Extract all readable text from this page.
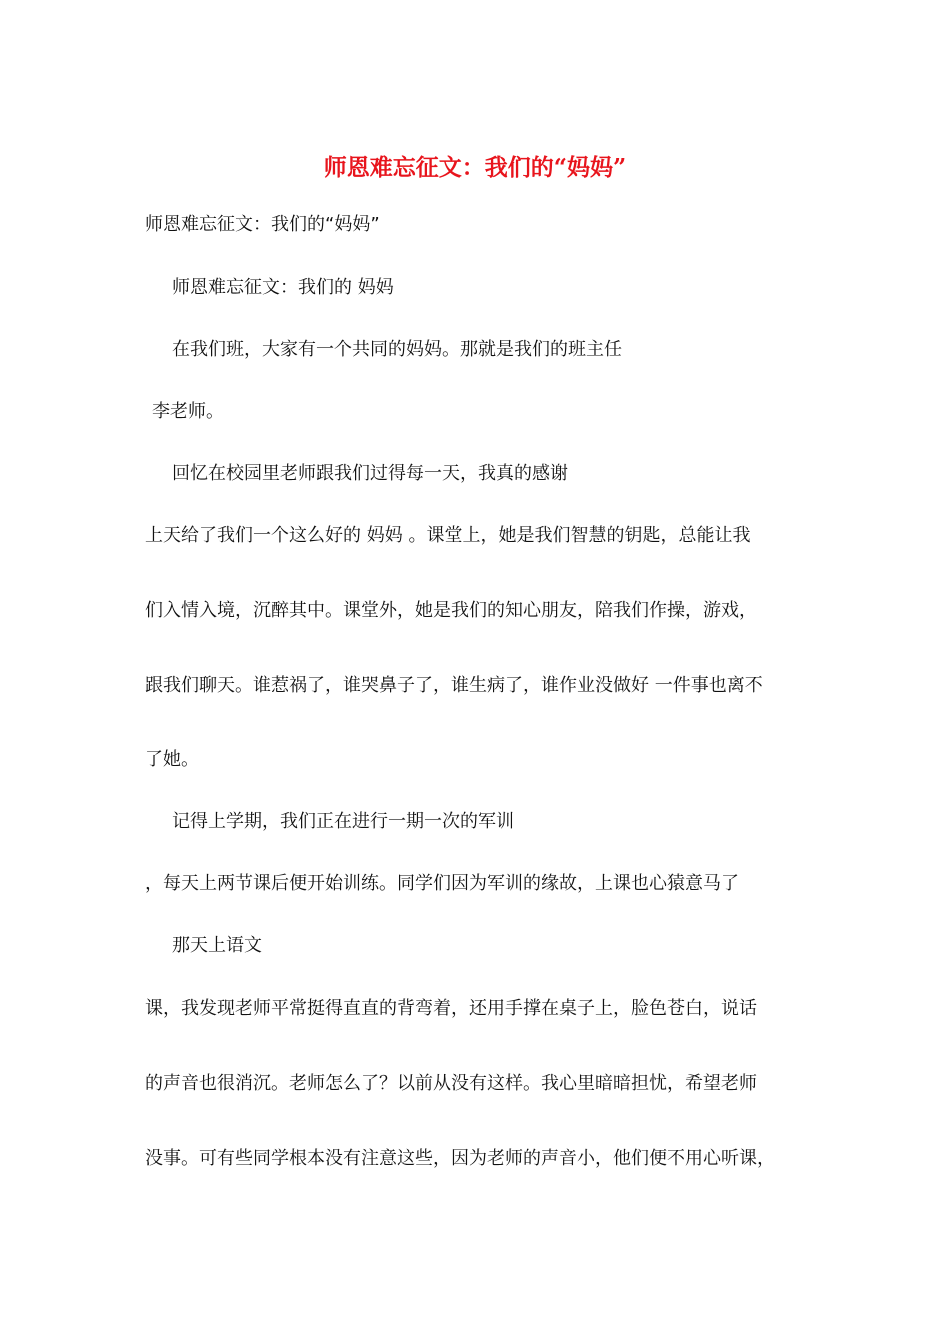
师恩难忘征文：我们的“妈妈”
师恩难忘征文：我们的“妈妈”
师恩难忘征文：我们的 妈妈
在我们班，大家有一个共同的妈妈。那就是我们的班主任
李老师。
回忆在校园里老师跟我们过得每一天，我真的感谢
上天给了我们一个这么好的 妈妈 。课堂上，她是我们智慧的钥匙，总能让我
们入情入境，沉醉其中。课堂外，她是我们的知心朋友，陪我们作操，游戏，
跟我们聊天。谁惹祸了，谁哭鼻子了，谁生病了，谁作业没做好 一件事也离不
了她。
记得上学期，我们正在进行一期一次的军训
，每天上两节课后便开始训练。同学们因为军训的缘故，上课也心猿意马了
那天上语文
课，我发现老师平常挺得直直的背弯着，还用手撑在桌子上，脸色苍白，说话
的声音也很消沉。老师怎么了？以前从没有这样。我心里暗暗担忧，希望老师
没事。可有些同学根本没有注意这些，因为老师的声音小，他们便不用心听课，
